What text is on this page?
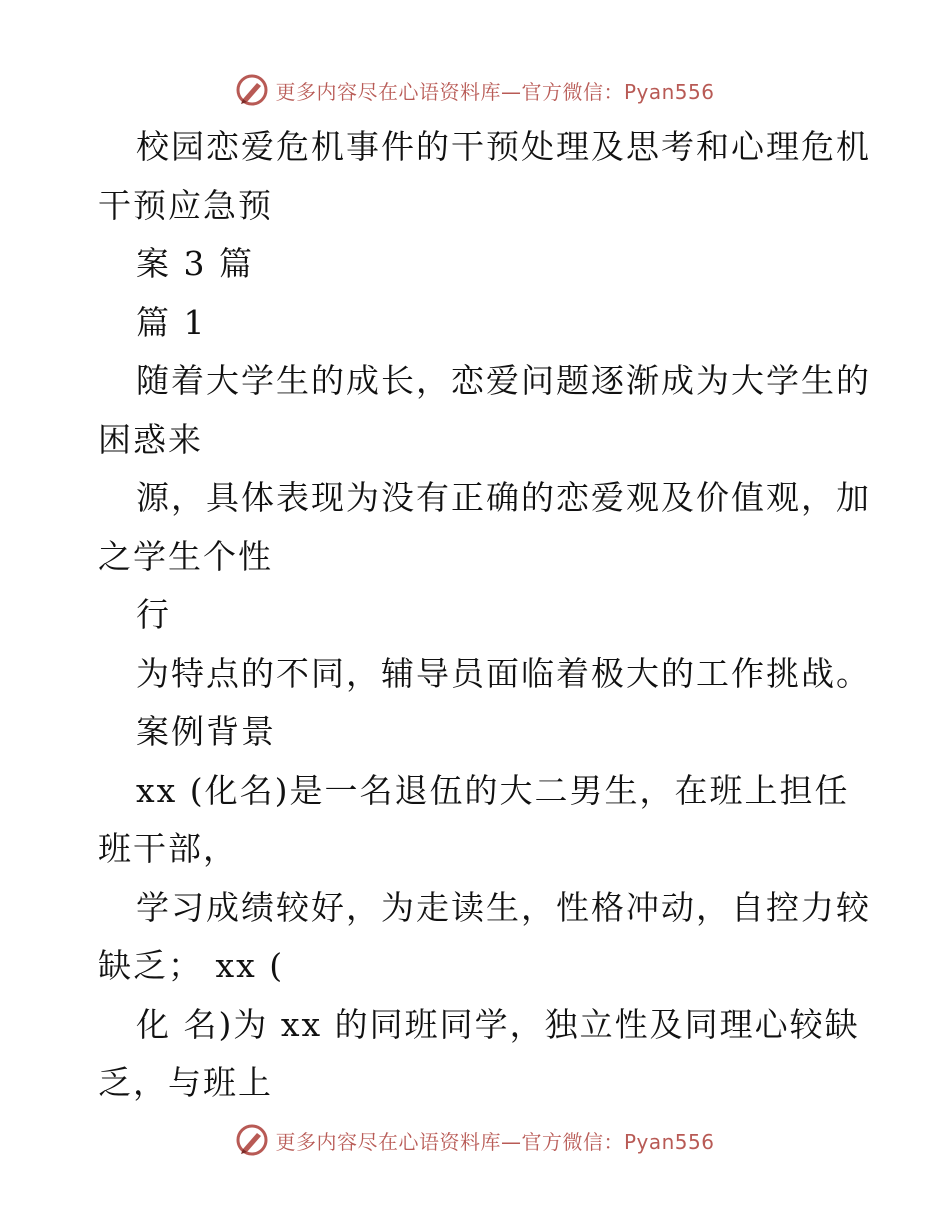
更多内容尽在心语资料库—官方微信：Pyan556
校园恋爱危机事件的干预处理及思考和心理危机
干预应急预
案 3 篇
篇 1
随着大学生的成长，恋爱问题逐渐成为大学生的
困惑来
源，具体表现为没有正确的恋爱观及价值观，加
之学生个性
行
为特点的不同，辅导员面临着极大的工作挑战。
案例背景
xx (化名)是一名退伍的大二男生，在班上担任
班干部，
学习成绩较好，为走读生，性格冲动，自控力较
缺乏； xx (
化 名)为 xx 的同班同学，独立性及同理心较缺
乏，与班上
更多内容尽在心语资料库—官方微信：Pyan556
